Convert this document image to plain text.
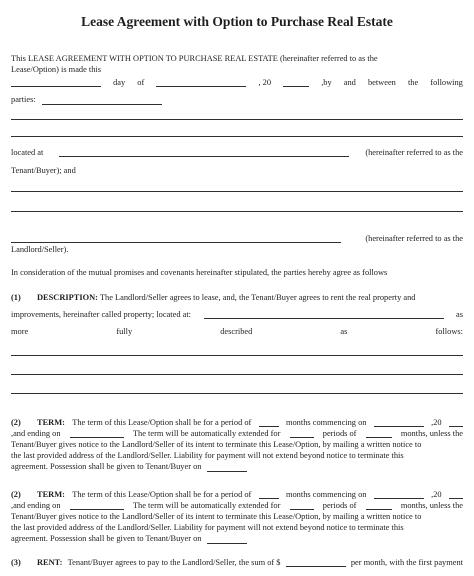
Lease Agreement with Option to Purchase Real Estate
This LEASE AGREEMENT WITH OPTION TO PURCHASE REAL ESTATE (hereinafter referred to as the
Lease/Option) is made this
day of	, 20	,by and between the following
parties:
located at	(hereinafter referred to as the
Tenant/Buyer); and
(hereinafter referred to as the
Landlord/Seller).
In consideration of the mutual promises and covenants hereinafter stipulated, the parties hereby agree as follows
(1) DESCRIPTION: The Landlord/Seller agrees to lease, and, the Tenant/Buyer agrees to rent the real property and
improvements, hereinafter called property; located at:	as
more	fully	described	as	follows:
(2) TERM: The term of this Lease/Option shall be for a period of	months commencing on	,20
,and ending on	The term will be automatically extended for	periods of	months, unless the
Tenant/Buyer gives notice to the Landlord/Seller of its intent to terminate this Lease/Option, by mailing a written notice to
the last provided address of the Landlord/Seller. Liability for payment will not extend beyond notice to terminate this
agreement. Possession shall be given to Tenant/Buyer on
(2) TERM: The term of this Lease/Option shall be for a period of	months commencing on	,20
,and ending on	The term will be automatically extended for	periods of	months, unless the
Tenant/Buyer gives notice to the Landlord/Seller of its intent to terminate this Lease/Option, by mailing a written notice to
the last provided address of the Landlord/Seller. Liability for payment will not extend beyond notice to terminate this
agreement. Possession shall be given to Tenant/Buyer on
(3) RENT: Tenant/Buyer agrees to pay to the Landlord/Seller, the sum of $	per month, with the first payment
